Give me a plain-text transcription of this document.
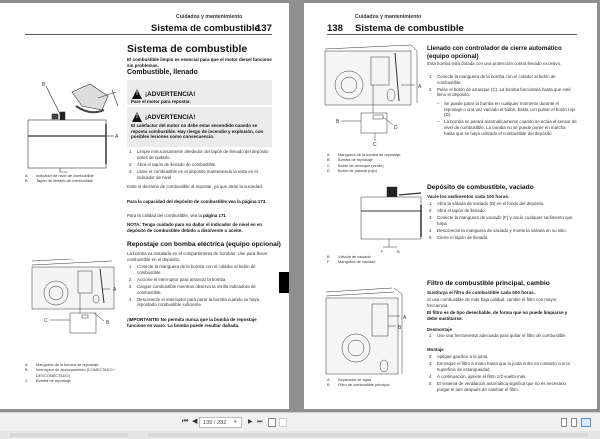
Cuidados y mantenimiento
Sistema de combustible
137
Sistema de combustible
El combustible limpio es esencial para que el motor diesel funcione sin problemas.
Combustible, llenado
!
¡ADVERTENCIA!
Pare el motor para repostar.
!
¡ADVERTENCIA!
El calefactor del motor no debe estar encendido cuando se reposta combustible. Hay riesgo de incendio y explosión, con posibles lesiones como consecuencia.
1	Limpie minuciosamente alrededor del tapón de llenado del depósito antes de quitarlo.
2	Abra el tapón de llenado de combustible.
3	Llene el combustible en el depósito manteniendo la vista en el indicador de nivel.
Evite el derrame de combustible al repostar, ya que atrae la suciedad.
Para la capacidad del depósito de combustible vea la página 173.
Para la calidad del combustible, vea la página 171.
NOTA: Tenga cuidado para no dañar el indicador de nivel en en depósito de combustible debido a disolvente o aceite.
B
A
A	Indicador de nivel de combustible
B	Tapón de llenado de combustible
Repostaje con bomba eléctrica (equipo opcional)
La bomba va instalada en el compartimento de bombas. Use para llenar combustible en el depósito.
1	Conecte la manguera de la bomba con el colador al bidón de combustible.
2	Accione el interruptor para arrancar la bomba.
3	Cargue combustible mientras observa la mirilla indicadora de combustible.
4	Desconecte el interruptor para parar la bomba cuando se haya repostado combustible suficiente.
¡IMPORTANTE! No permita nunca que la bomba de repostaje funcione en vacío. La bomba puede resultar dañada.
A
B
C
A	Manguera de la bomba de repostaje
B	Interruptor de accionamiento (CONECTADO / DESCONECTADO)
C	Bomba de repostaje
Cuidados y mantenimiento
138 Sistema de combustible
A
B
D
C
A	Manguera de la bomba de repostaje
B	Bomba de repostaje
C	Botón de arranque (verde)
D	Botón de parada (rojo)
Llenado con controlador de cierre automático (equipo opcional)
Esta bomba está dotada con una protección contra llenado excesivo.
1	Conecte la manguera de la bomba con el colador al bidón de combustible.
2	Pulse el botón de arranque (C). La bomba funcionará hasta que esté lleno el depósito.
–	Se puede parar la bomba en cualquier momento durante el repostaje o una vez vaciado el bidón; basta con pulsar el botón rojo (D).
–	La bomba se parará automáticamente cuando se actúa el sensor de nivel de combustible. La bomba no se puede poner en marcha hasta que se haya utilizado el combustible del depósito.
F	B
B	Válvula de vaciado
F	Manguera de vaciado
Depósito de combustible, vaciado
Vacíe los sedimentos cada 100 horas.
1	Abra la válvula de vaciado (B) en el fondo del depósito.
2	Abra el tapón de llenado.
3	Conecte la manguera de vaciado (F) y vacíe cualquier sedimento que haya.
4	Desconecte la manguera de vaciado y monte la válvula en su sitio.
5	Cierre el tapón de llenado.
A
B
A	Separador de agua
B	Filtro de combustible principal
Filtro de combustible principal, cambio
Sustituya el filtro de combustible cada 500 horas.
Si usa combustible de más baja calidad, cambie el filtro con mayor frecuencia.
El filtro es de tipo desechable, de forma que no puede limpiarse y debe sustituirse.
Desmontaje
1	Use una herramienta adecuada para quitar el filtro de combustible.
Montaje
2	Aplique gasóleo a la junta.
3	Enrosque el filtro a mano hasta que la junta entre en contacto con la superficie de estanqueidad.
4	A continuación, apriete el filtro 1/2 vuelta más.
5	El sistema de ventilación automática significa que no es necesario purgar el aire después de cambiar el filtro.
⏮ ◀
139 / 232	▾ ▶ ⏭
